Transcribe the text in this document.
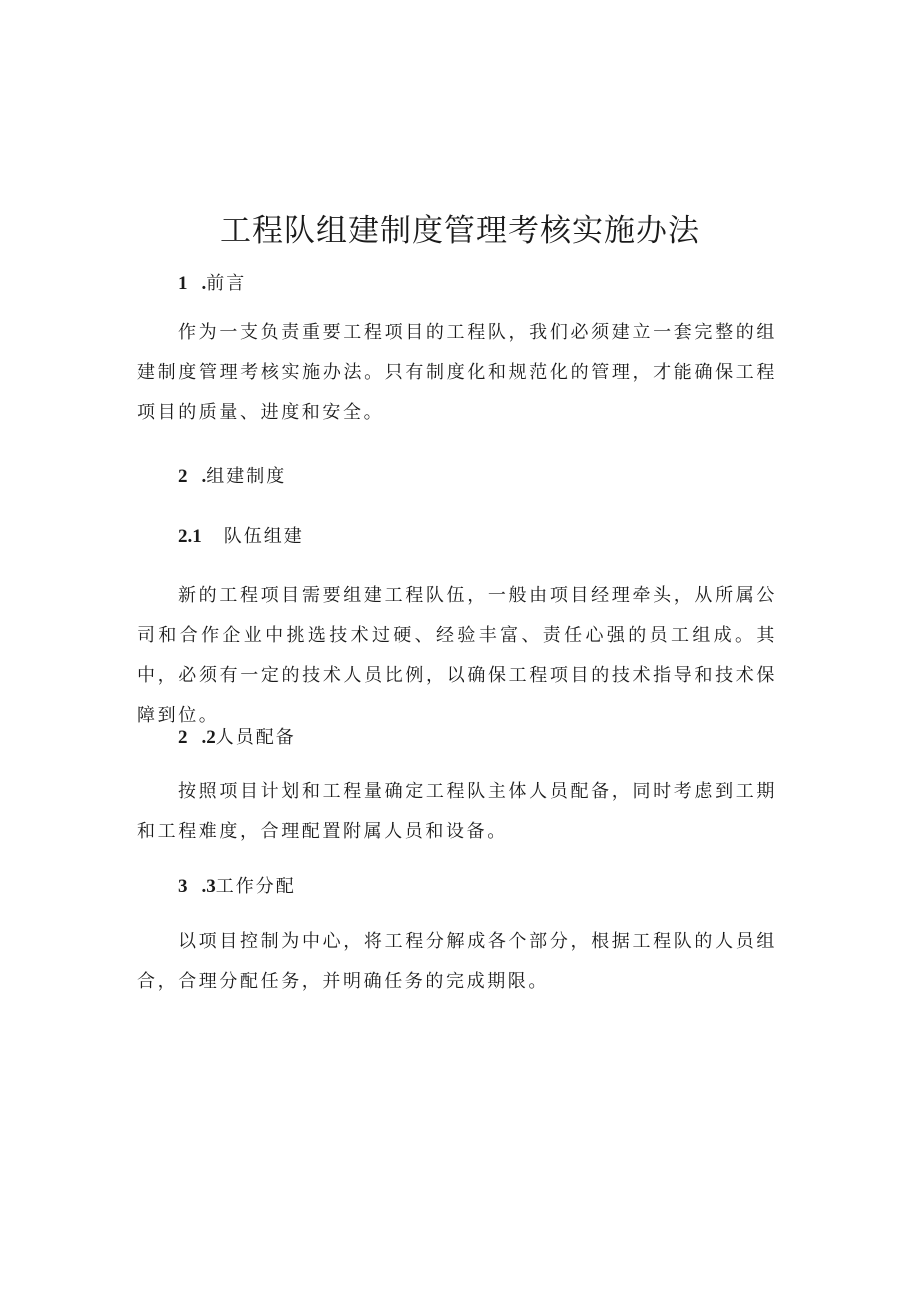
工程队组建制度管理考核实施办法
1 .前言

作为一支负责重要工程项目的工程队，我们必须建立一套完整的组建制度管理考核实施办法。只有制度化和规范化的管理，才能确保工程项目的质量、进度和安全。

2 .组建制度
2.1 队伍组建

新的工程项目需要组建工程队伍，一般由项目经理牵头，从所属公司和合作企业中挑选技术过硬、经验丰富、责任心强的员工组成。其中，必须有一定的技术人员比例，以确保工程项目的技术指导和技术保障到位。

2 .2人员配备

按照项目计划和工程量确定工程队主体人员配备，同时考虑到工期和工程难度，合理配置附属人员和设备。

3 .3工作分配

以项目控制为中心，将工程分解成各个部分，根据工程队的人员组合，合理分配任务，并明确任务的完成期限。
